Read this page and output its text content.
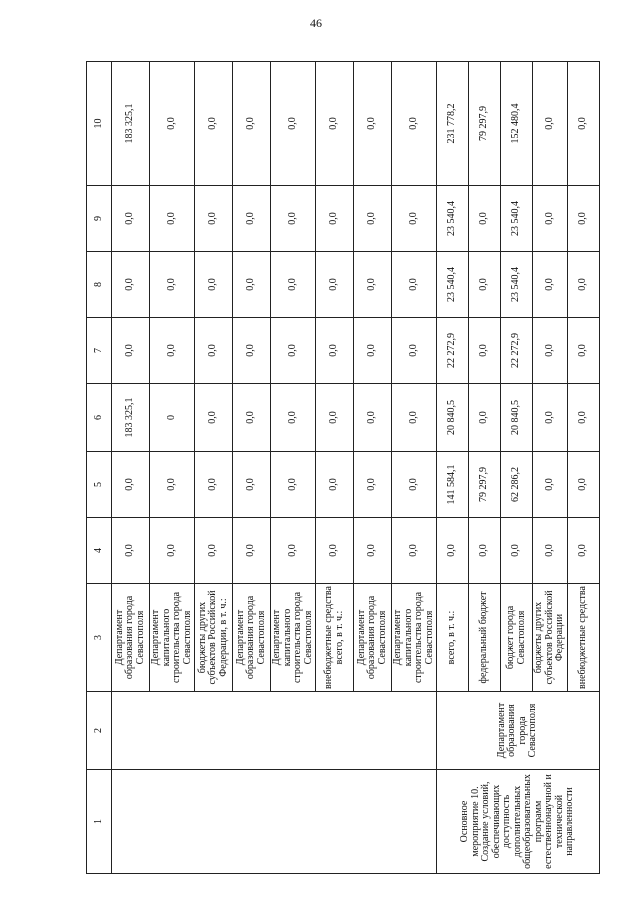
46
1	2	3	4	5	6	7	8	9	10
		Департамент образования города Севастополя	0,0	0,0	183 325,1	0,0	0,0	0,0	183 325,1
		Департамент капитального строительства города Севастополя	0,0	0,0	0	0,0	0,0	0,0	0,0
		бюджеты других субъектов Российской Федерации, в т. ч.:	0,0	0,0	0,0	0,0	0,0	0,0	0,0
		Департамент образования города Севастополя	0,0	0,0	0,0	0,0	0,0	0,0	0,0
		Департамент капитального строительства города Севастополя	0,0	0,0	0,0	0,0	0,0	0,0	0,0
		внебюджетные средства всего, в т. ч.:	0,0	0,0	0,0	0,0	0,0	0,0	0,0
		Департамент образования города Севастополя	0,0	0,0	0,0	0,0	0,0	0,0	0,0
		Департамент капитального строительства города Севастополя	0,0	0,0	0,0	0,0	0,0	0,0	0,0
Основное мероприятие 10. Создание условий, обеспечивающих доступность дополнительных общеобразовательных программ естественнонаучной и технической направленности	Департамент образования города Севастополя	всего, в т. ч.:	0,0	141 584,1	20 840,5	22 272,9	23 540,4	23 540,4	231 778,2
		федеральный бюджет	0,0	79 297,9	0,0	0,0	0,0	0,0	79 297,9
		бюджет города Севастополя	0,0	62 286,2	20 840,5	22 272,9	23 540,4	23 540,4	152 480,4
		бюджеты других субъектов Российской Федерации	0,0	0,0	0,0	0,0	0,0	0,0	0,0
		внебюджетные средства	0,0	0,0	0,0	0,0	0,0	0,0	0,0
